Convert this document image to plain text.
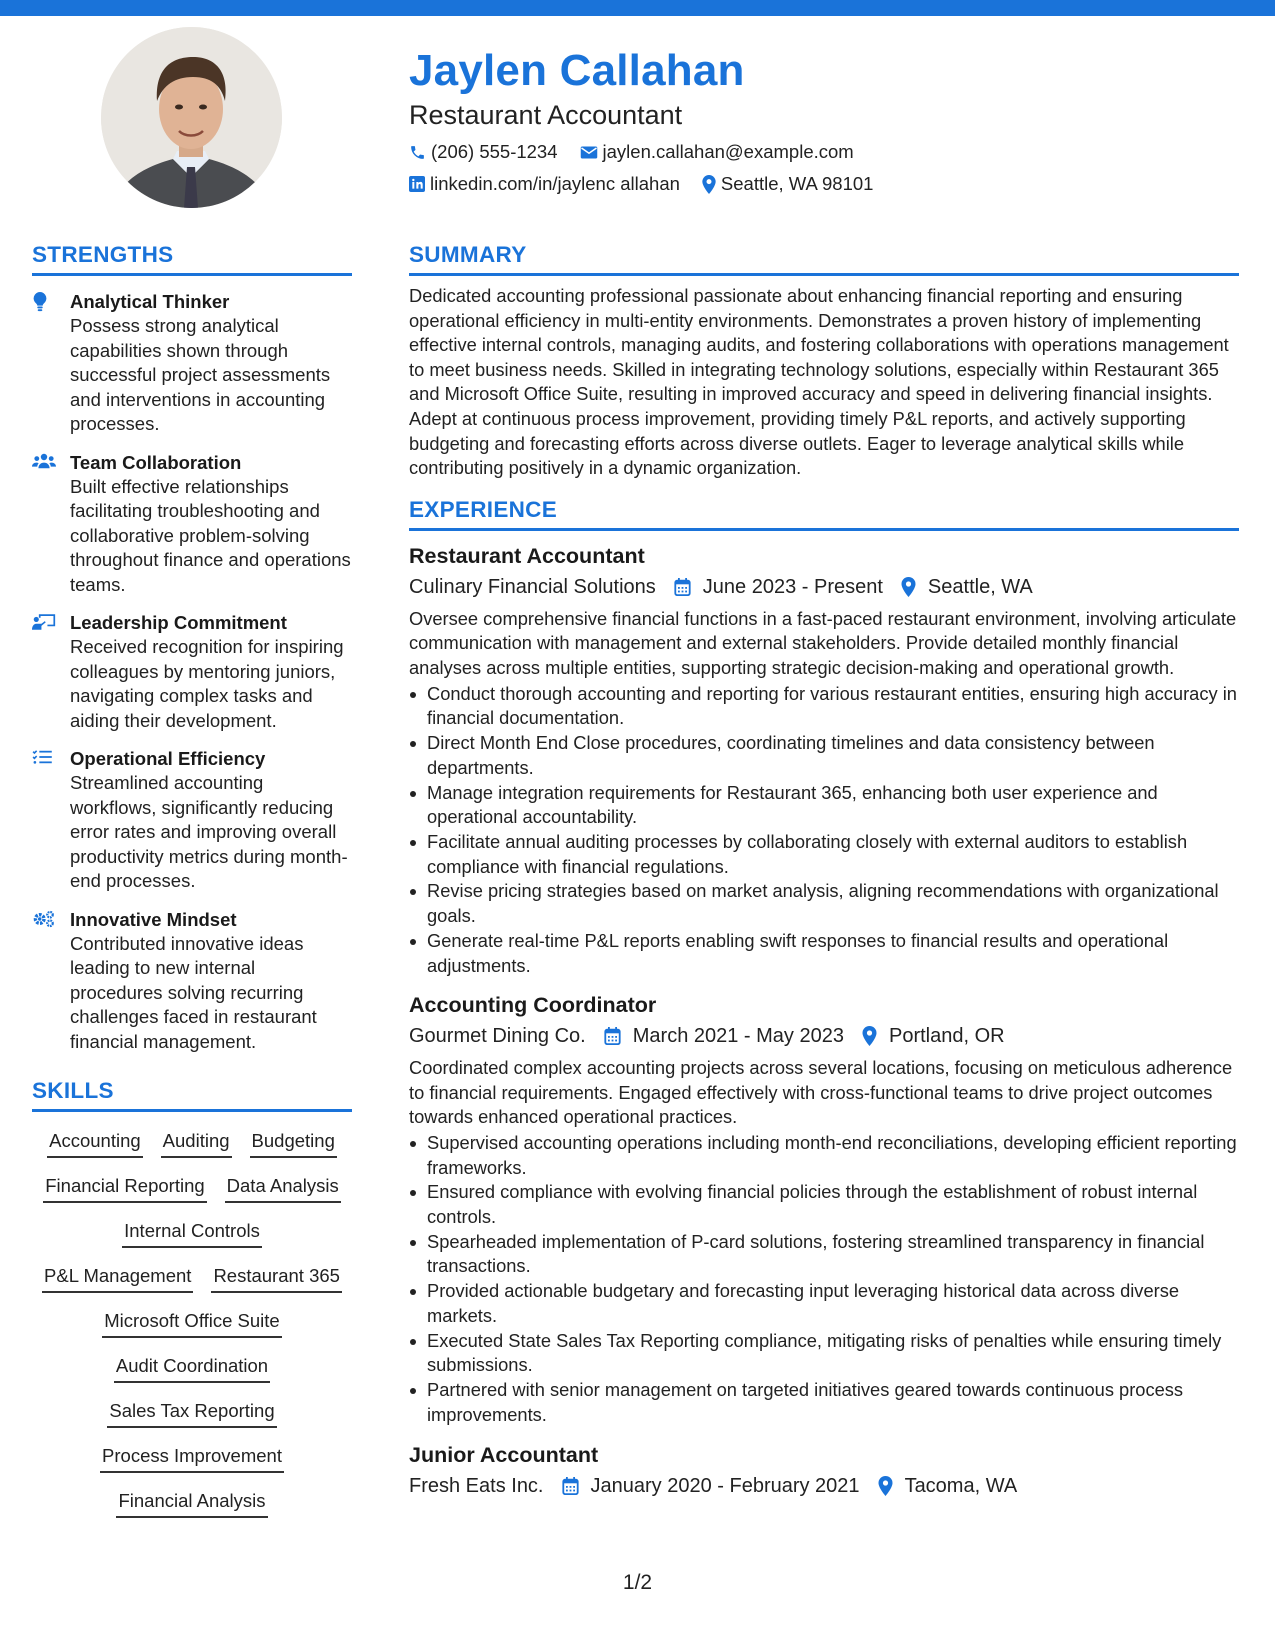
Jaylen Callahan
Restaurant Accountant
(206) 555-1234 jaylen.callahan@example.com
linkedin.com/in/jaylenc allahan Seattle, WA 98101
STRENGTHS
Analytical Thinker
Possess strong analytical capabilities shown through successful project assessments and interventions in accounting processes.
Team Collaboration
Built effective relationships facilitating troubleshooting and collaborative problem-solving throughout finance and operations teams.
Leadership Commitment
Received recognition for inspiring colleagues by mentoring juniors, navigating complex tasks and aiding their development.
Operational Efficiency
Streamlined accounting workflows, significantly reducing error rates and improving overall productivity metrics during month-end processes.
Innovative Mindset
Contributed innovative ideas leading to new internal procedures solving recurring challenges faced in restaurant financial management.
SKILLS
Accounting Auditing Budgeting
Financial Reporting Data Analysis
Internal Controls
P&L Management Restaurant 365
Microsoft Office Suite
Audit Coordination
Sales Tax Reporting
Process Improvement
Financial Analysis
SUMMARY
Dedicated accounting professional passionate about enhancing financial reporting and ensuring operational efficiency in multi-entity environments. Demonstrates a proven history of implementing effective internal controls, managing audits, and fostering collaborations with operations management to meet business needs. Skilled in integrating technology solutions, especially within Restaurant 365 and Microsoft Office Suite, resulting in improved accuracy and speed in delivering financial insights. Adept at continuous process improvement, providing timely P&L reports, and actively supporting budgeting and forecasting efforts across diverse outlets. Eager to leverage analytical skills while contributing positively in a dynamic organization.
EXPERIENCE
Restaurant Accountant
Culinary Financial Solutions June 2023 - Present Seattle, WA
Oversee comprehensive financial functions in a fast-paced restaurant environment, involving articulate communication with management and external stakeholders. Provide detailed monthly financial analyses across multiple entities, supporting strategic decision-making and operational growth.
Conduct thorough accounting and reporting for various restaurant entities, ensuring high accuracy in financial documentation.
Direct Month End Close procedures, coordinating timelines and data consistency between departments.
Manage integration requirements for Restaurant 365, enhancing both user experience and operational accountability.
Facilitate annual auditing processes by collaborating closely with external auditors to establish compliance with financial regulations.
Revise pricing strategies based on market analysis, aligning recommendations with organizational goals.
Generate real-time P&L reports enabling swift responses to financial results and operational adjustments.
Accounting Coordinator
Gourmet Dining Co. March 2021 - May 2023 Portland, OR
Coordinated complex accounting projects across several locations, focusing on meticulous adherence to financial requirements. Engaged effectively with cross-functional teams to drive project outcomes towards enhanced operational practices.
Supervised accounting operations including month-end reconciliations, developing efficient reporting frameworks.
Ensured compliance with evolving financial policies through the establishment of robust internal controls.
Spearheaded implementation of P-card solutions, fostering streamlined transparency in financial transactions.
Provided actionable budgetary and forecasting input leveraging historical data across diverse markets.
Executed State Sales Tax Reporting compliance, mitigating risks of penalties while ensuring timely submissions.
Partnered with senior management on targeted initiatives geared towards continuous process improvements.
Junior Accountant
Fresh Eats Inc. January 2020 - February 2021 Tacoma, WA
1/2
